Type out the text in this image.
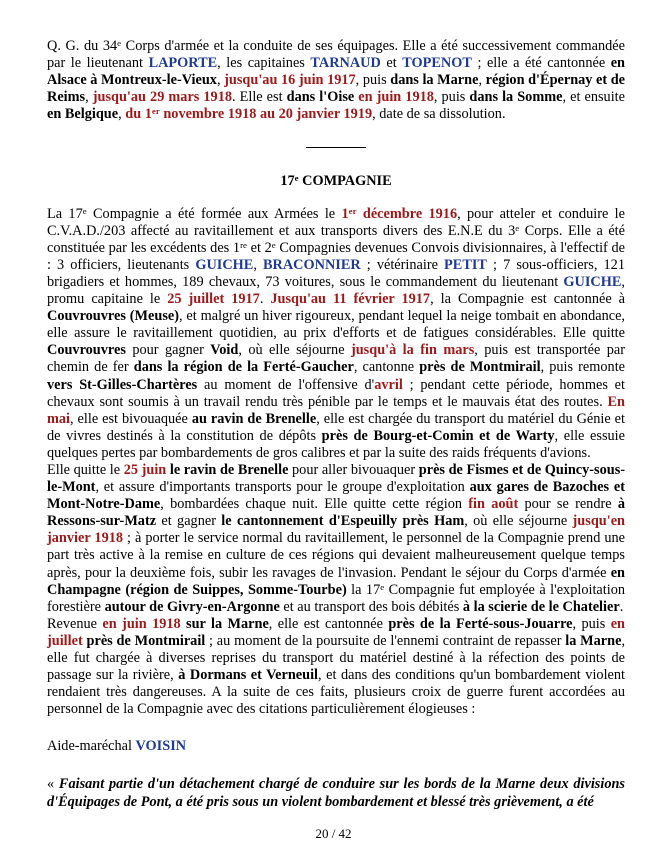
Q. G. du 34e Corps d'armée et la conduite de ses équipages. Elle a été successivement commandée par le lieutenant LAPORTE, les capitaines TARNAUD et TOPENOT ; elle a été cantonnée en Alsace à Montreux-le-Vieux, jusqu'au 16 juin 1917, puis dans la Marne, région d'Épernay et de Reims, jusqu'au 29 mars 1918. Elle est dans l'Oise en juin 1918, puis dans la Somme, et ensuite en Belgique, du 1er novembre 1918 au 20 janvier 1919, date de sa dissolution.

17e COMPAGNIE

La 17e Compagnie a été formée aux Armées le 1er décembre 1916, pour atteler et conduire le C.V.A.D./203 affecté au ravitaillement et aux transports divers des E.N.E du 3e Corps. Elle a été constituée par les excédents des 1re et 2e Compagnies devenues Convois divisionnaires, à l'effectif de : 3 officiers, lieutenants GUICHE, BRACONNIER ; vétérinaire PETIT ; 7 sous-officiers, 121 brigadiers et hommes, 189 chevaux, 73 voitures, sous le commandement du lieutenant GUICHE, promu capitaine le 25 juillet 1917. Jusqu'au 11 février 1917, la Compagnie est cantonnée à Couvrouvres (Meuse), et malgré un hiver rigoureux, pendant lequel la neige tombait en abondance, elle assure le ravitaillement quotidien, au prix d'efforts et de fatigues considérables. Elle quitte Couvrouvres pour gagner Void, où elle séjourne jusqu'à la fin mars, puis est transportée par chemin de fer dans la région de la Ferté-Gaucher, cantonne près de Montmirail, puis remonte vers St-Gilles-Chartères au moment de l'offensive d'avril ; pendant cette période, hommes et chevaux sont soumis à un travail rendu très pénible par le temps et le mauvais état des routes. En mai, elle est bivouaquée au ravin de Brenelle, elle est chargée du transport du matériel du Génie et de vivres destinés à la constitution de dépôts près de Bourg-et-Comin et de Warty, elle essuie quelques pertes par bombardements de gros calibres et par la suite des raids fréquents d'avions.

Elle quitte le 25 juin le ravin de Brenelle pour aller bivouaquer près de Fismes et de Quincy-sous-le-Mont, et assure d'importants transports pour le groupe d'exploitation aux gares de Bazoches et Mont-Notre-Dame, bombardées chaque nuit. Elle quitte cette région fin août pour se rendre à Ressons-sur-Matz et gagner le cantonnement d'Espeuilly près Ham, où elle séjourne jusqu'en janvier 1918 ; à porter le service normal du ravitaillement, le personnel de la Compagnie prend une part très active à la remise en culture de ces régions qui devaient malheureusement quelque temps après, pour la deuxième fois, subir les ravages de l'invasion. Pendant le séjour du Corps d'armée en Champagne (région de Suippes, Somme-Tourbe) la 17e Compagnie fut employée à l'exploitation forestière autour de Givry-en-Argonne et au transport des bois débités à la scierie de le Chatelier.

Revenue en juin 1918 sur la Marne, elle est cantonnée près de la Ferté-sous-Jouarre, puis en juillet près de Montmirail ; au moment de la poursuite de l'ennemi contraint de repasser la Marne, elle fut chargée à diverses reprises du transport du matériel destiné à la réfection des points de passage sur la rivière, à Dormans et Verneuil, et dans des conditions qu'un bombardement violent rendaient très dangereuses. A la suite de ces faits, plusieurs croix de guerre furent accordées au personnel de la Compagnie avec des citations particulièrement élogieuses :

Aide-maréchal VOISIN

« Faisant partie d'un détachement chargé de conduire sur les bords de la Marne deux divisions d'Équipages de Pont, a été pris sous un violent bombardement et blessé très grièvement, a été

20 / 42
